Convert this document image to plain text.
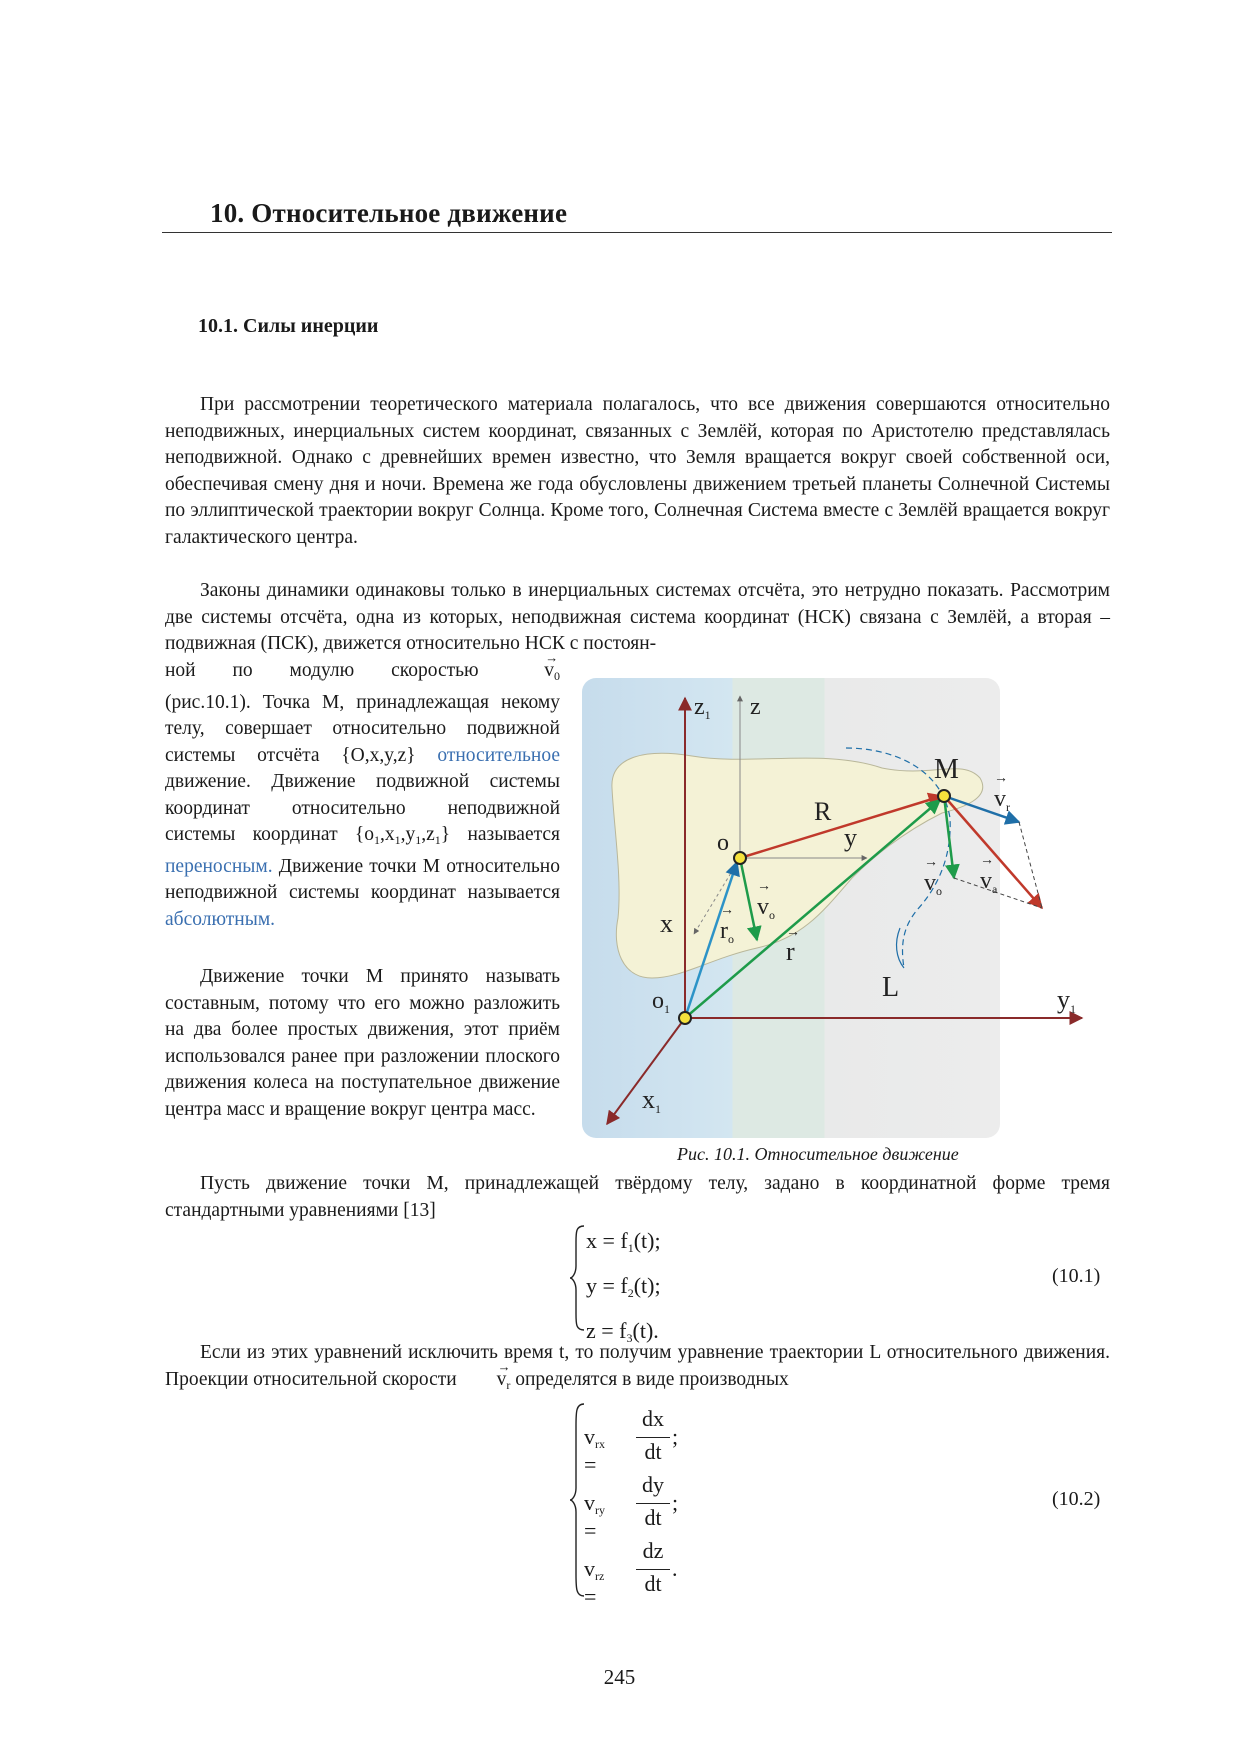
10. Относительное движение
10.1. Силы инерции
При рассмотрении теоретического материала полагалось, что все движения совершаются относительно неподвижных, инерциальных систем координат, связанных с Землёй, которая по Аристотелю представлялась неподвижной. Однако с древнейших времен известно, что Земля вращается вокруг своей собственной оси, обеспечивая смену дня и ночи. Времена же года обусловлены движением третьей планеты Солнечной Системы по эллиптической траектории вокруг Солнца. Кроме того, Солнечная Система вместе с Землёй вращается вокруг галактического центра.
Законы динамики одинаковы только в инерциальных системах отсчёта, это нетрудно показать. Рассмотрим две системы отсчёта, одна из которых, неподвижная система координат (НСК) связана с Землёй, а вторая – подвижная (ПСК), движется относительно НСК с постоян-
ной по модулю скоростью	→ $v_0$
(рис.10.1). Точка M, принадлежащая некому телу, совершает относительно подвижной системы отсчёта {O,x,y,z} относительное движение. Движение подвижной системы координат относительно неподвижной системы координат $\{o_1,x_1,y_1,z_1\}$ называется переносным. Движение точки M относительно неподвижной системы координат называется абсолютным.
Движение точки M принято называть составным, потому что его можно разложить на два более простых движения, этот приём использовался ранее при разложении плоского движения колеса на поступательное движение центра масс и вращение вокруг центра масс.
$z_1$ z
M
$v_r$
→
R
y
o
$v_o$
→	$v_o$
→
$v_a$
→
x $r_o$
→
r
→
L
$o_1$	y1
x1
Рис. 10.1. Относительное движение
Пусть движение точки M, принадлежащей твёрдому телу, задано в координатной форме тремя стандартными уравнениями [13]
$x = f_1(t)$;
$y = f_2(t)$;
$z = f_3(t)$.
(10.1)
Если из этих уравнений исключить время t, то получим уравнение траектории L относительного движения. Проекции относительной скорости → $v_r$ определятся в виде производных
$v_{rx}$ =
dx
dt
;
$v_{ry}$ =
dy
dt
;
$v_{rz}$ =
dz
dt
.
(10.2)
245
